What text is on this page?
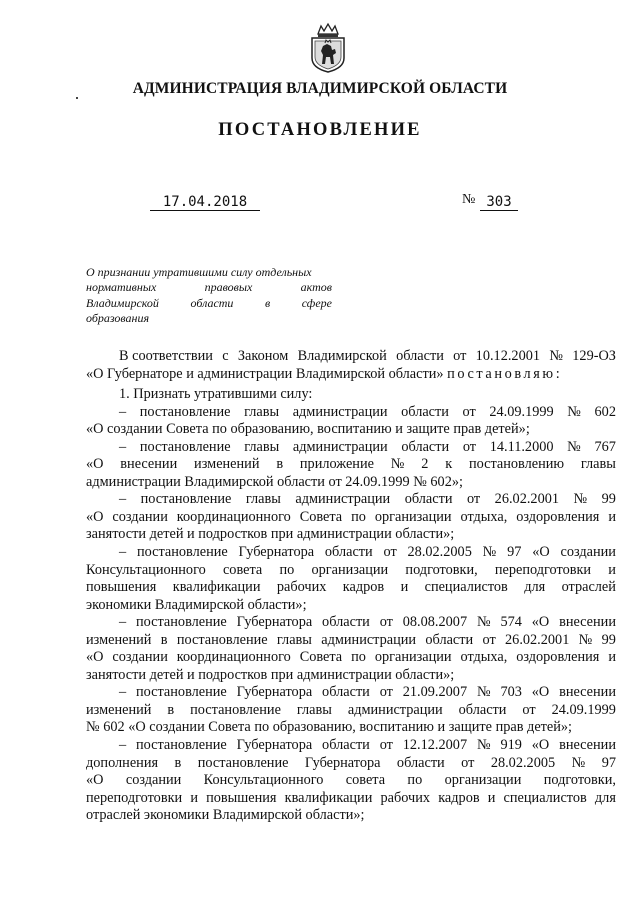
АДМИНИСТРАЦИЯ ВЛАДИМИРСКОЙ ОБЛАСТИ
ПОСТАНОВЛЕНИЕ
17.04.2018	№ 303
О признании утратившими силу отдельных
нормативных	правовых	актов
Владимирской	области	в	сфере
образования
В соответствии с Законом Владимирской области от 10.12.2001 № 129-ОЗ
«О Губернаторе и администрации Владимирской области»
постановляю:
1. Признать утратившими силу:
– постановление главы администрации области от 24.09.1999 № 602
«О создании Совета по образованию, воспитанию и защите прав детей»;
– постановление главы администрации области от 14.11.2000 № 767
«О внесении изменений в приложение № 2 к постановлению главы
администрации Владимирской области от 24.09.1999 № 602»;
– постановление главы администрации области от 26.02.2001 № 99
«О создании координационного Совета по организации отдыха, оздоровления и
занятости детей и подростков при администрации области»;
– постановление Губернатора области от 28.02.2005 № 97 «О создании
Консультационного совета по организации подготовки, переподготовки и
повышения квалификации рабочих кадров и специалистов для отраслей
экономики Владимирской области»;
– постановление Губернатора области от 08.08.2007 № 574 «О внесении
изменений в постановление главы администрации области от 26.02.2001 № 99
«О создании координационного Совета по организации отдыха, оздоровления и
занятости детей и подростков при администрации области»;
– постановление Губернатора области от 21.09.2007 № 703 «О внесении
изменений в постановление главы администрации области от 24.09.1999
№ 602 «О создании Совета по образованию, воспитанию и защите прав детей»;
– постановление Губернатора области от 12.12.2007 № 919 «О внесении
дополнения в постановление Губернатора области от 28.02.2005 № 97
«О создании Консультационного совета по организации подготовки,
переподготовки и повышения квалификации рабочих кадров и специалистов для
отраслей экономики Владимирской области»;
